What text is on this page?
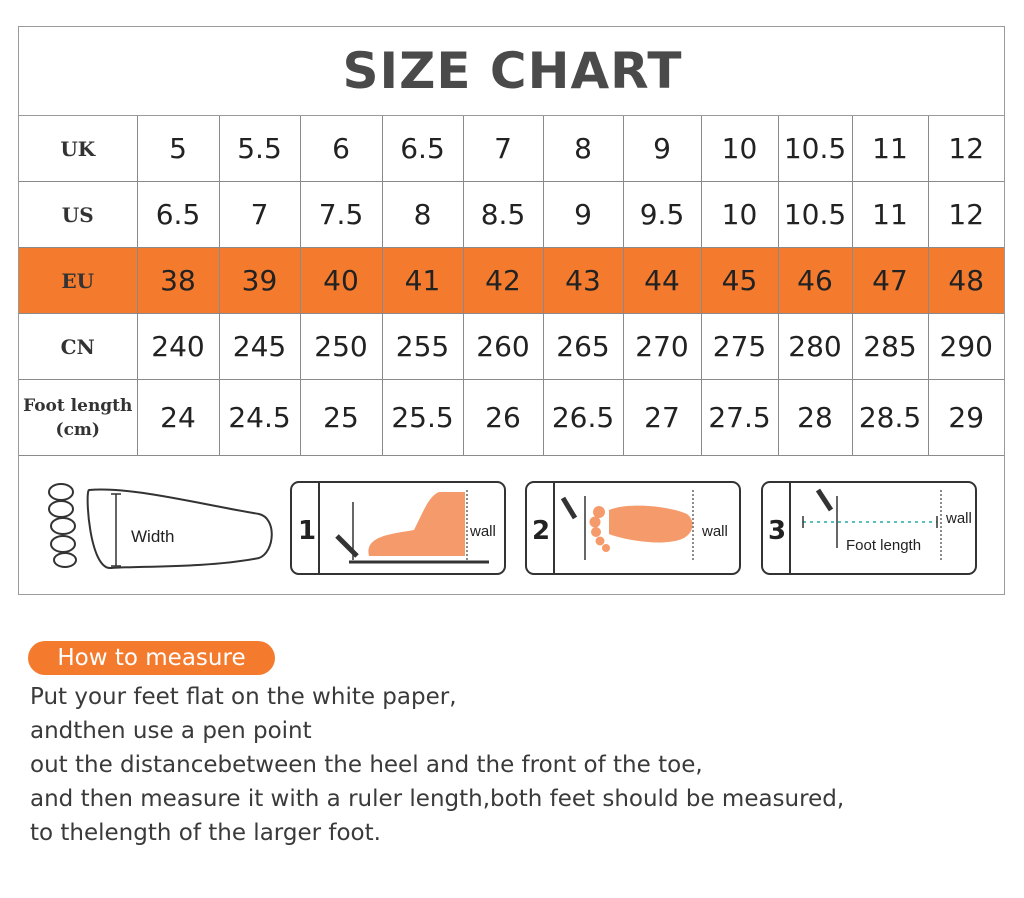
SIZE CHART
UK	5	5.5	6	6.5	7	8	9	10	10.5	11	12
US	6.5	7	7.5	8	8.5	9	9.5	10	10.5	11	12
EU	38	39	40	41	42	43	44	45	46	47	48
CN	240	245	250	255	260	265	270	275	280	285	290

Foot length
(cm)	24	24.5	25	25.5	26	26.5	27	27.5	28	28.5	29
Width	1	wall 2	wall 3	wall
Foot length
How to measure
Put your feet flat on the white paper,
andthen use a pen point
out the distancebetween the heel and the front of the toe,
and then measure it with a ruler length,both feet should be measured,
to thelength of the larger foot.
